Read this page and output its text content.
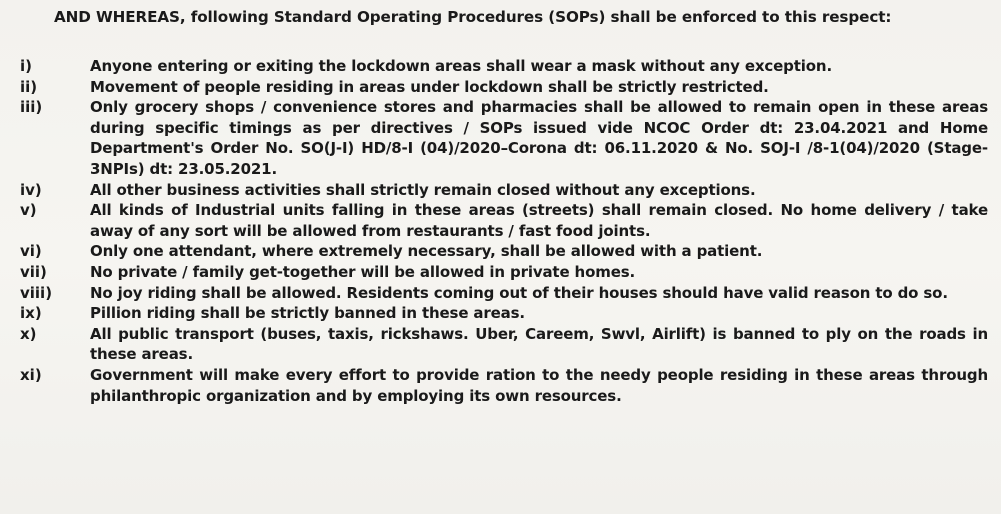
AND WHEREAS, following Standard Operating Procedures (SOPs) shall be enforced to this respect:
i)	Anyone entering or exiting the lockdown areas shall wear a mask without any exception.
ii)	Movement of people residing in areas under lockdown shall be strictly restricted.
iii)	Only grocery shops / convenience stores and pharmacies shall be allowed to remain open in these areas during specific timings as per directives / SOPs issued vide NCOC Order dt: 23.04.2021 and Home Department's Order No. SO(J-I) HD/8-I (04)/2020–Corona dt: 06.11.2020 & No. SOJ-I /8-1(04)/2020 (Stage-3NPIs) dt: 23.05.2021.
iv)	All other business activities shall strictly remain closed without any exceptions.
v)	All kinds of Industrial units falling in these areas (streets) shall remain closed. No home delivery / take away of any sort will be allowed from restaurants / fast food joints.
vi)	Only one attendant, where extremely necessary, shall be allowed with a patient.
vii)	No private / family get-together will be allowed in private homes.
viii)	No joy riding shall be allowed. Residents coming out of their houses should have valid reason to do so.
ix)	Pillion riding shall be strictly banned in these areas.
x)	All public transport (buses, taxis, rickshaws. Uber, Careem, Swvl, Airlift) is banned to ply on the roads in these areas.
xi)	Government will make every effort to provide ration to the needy people residing in these areas through philanthropic organization and by employing its own resources.
